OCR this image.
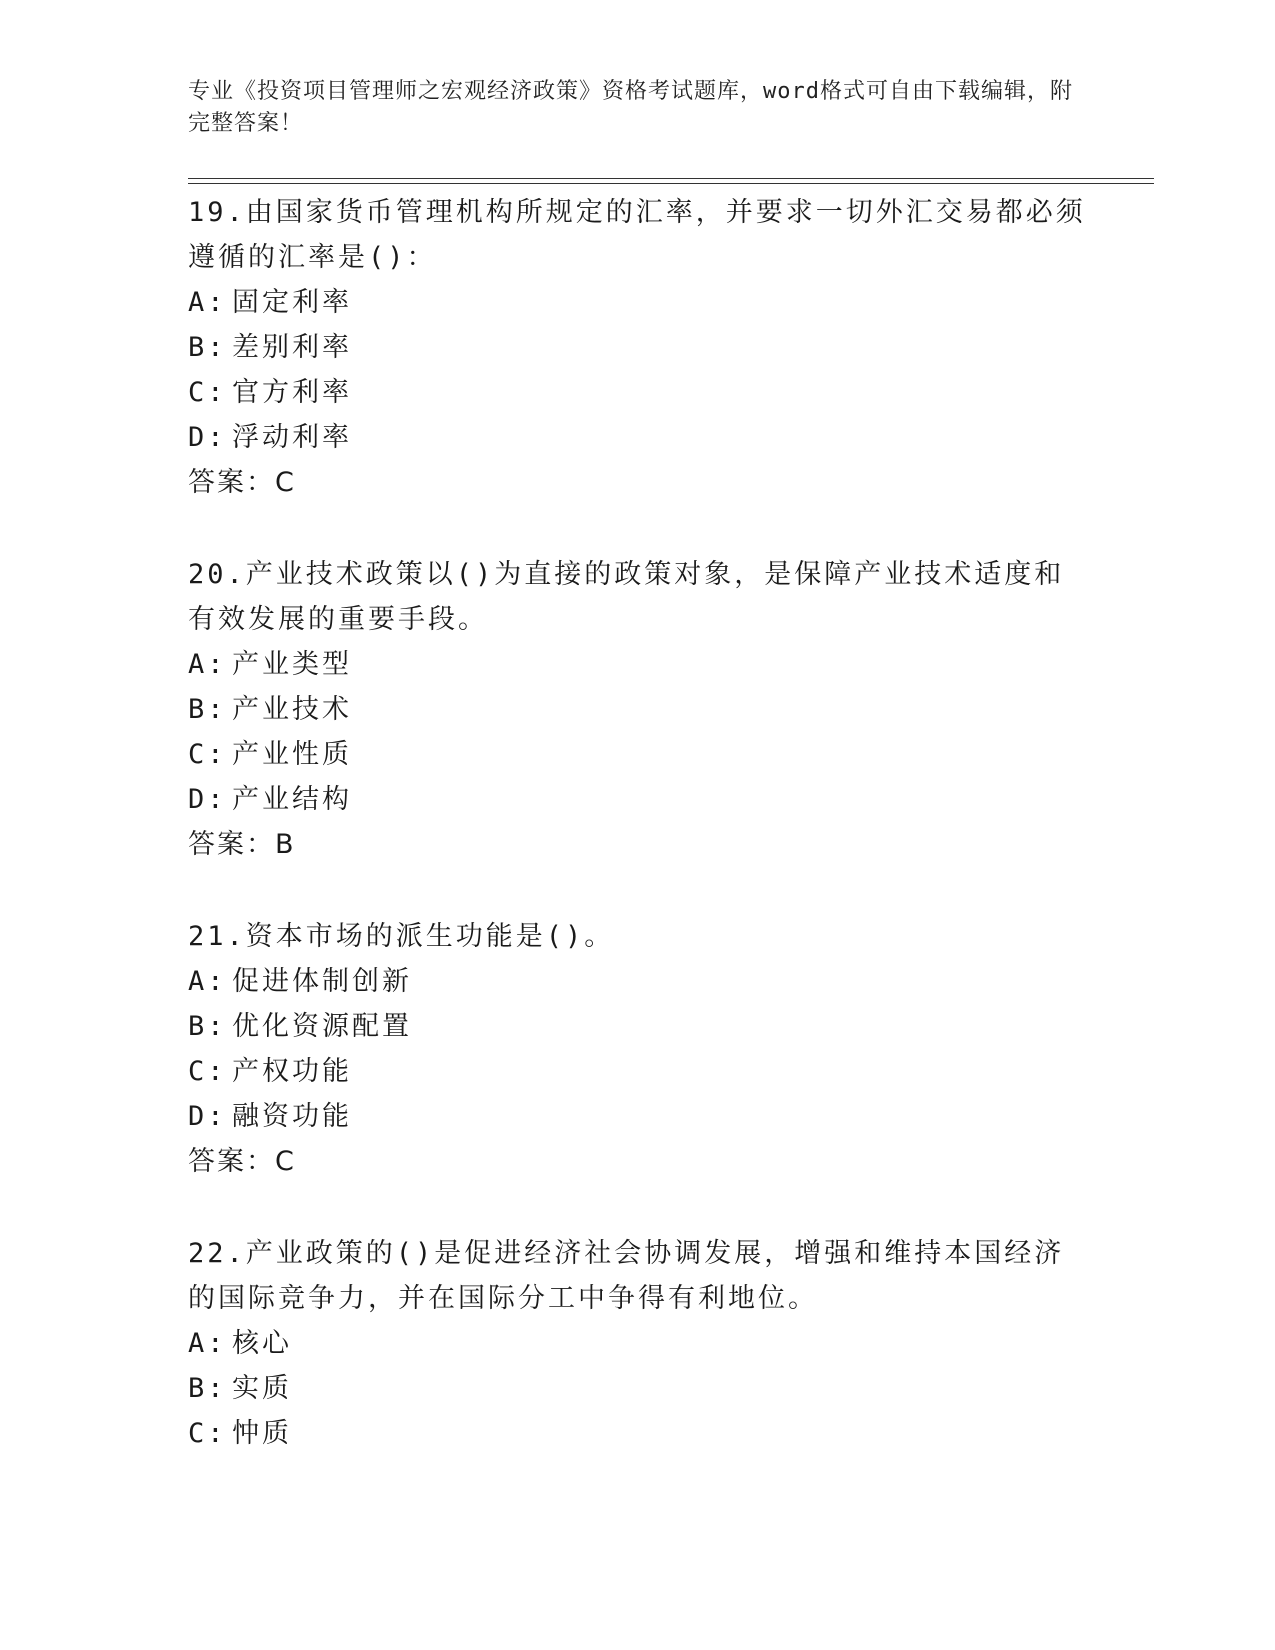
专业《投资项目管理师之宏观经济政策》资格考试题库，word格式可自由下载编辑，附完整答案！

19.由国家货币管理机构所规定的汇率，并要求一切外汇交易都必须遵循的汇率是()：

A: 固定利率
B: 差别利率
C: 官方利率
D: 浮动利率
答案：C

20.产业技术政策以()为直接的政策对象，是保障产业技术适度和有效发展的重要手段。

A: 产业类型
B: 产业技术
C: 产业性质
D: 产业结构
答案：B

21.资本市场的派生功能是()。

A: 促进体制创新
B: 优化资源配置
C: 产权功能
D: 融资功能
答案：C

22.产业政策的()是促进经济社会协调发展，增强和维持本国经济的国际竞争力，并在国际分工中争得有利地位。

A: 核心
B: 实质
C: 忡质
